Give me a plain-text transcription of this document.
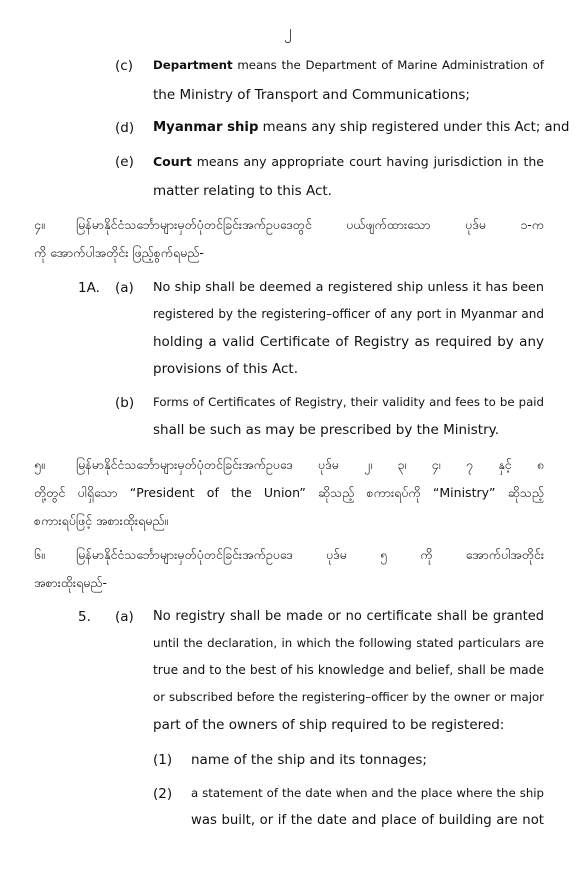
၂
(c) Department means the Department of Marine Administration of
the Ministry of Transport and Communications;
(d) Myanmar ship means any ship registered under this Act; and
(e) Court means any appropriate court having jurisdiction in the
matter relating to this Act.
၄။ မြန်မာနိုင်ငံသင်္ဘောများမှတ်ပုံတင်ခြင်းအက်ဥပဒေတွင် ပယ်ဖျက်ထားသော ပုဒ်မ ၁-က
ကို အောက်ပါအတိုင်း ဖြည့်စွက်ရမည်-
1A. (a) No ship shall be deemed a registered ship unless it has been
registered by the registering–officer of any port in Myanmar and
holding a valid Certificate of Registry as required by any
provisions of this Act.
(b) Forms of Certificates of Registry, their validity and fees to be paid
shall be such as may be prescribed by the Ministry.
၅။ မြန်မာနိုင်ငံသင်္ဘောများမှတ်ပုံတင်ခြင်းအက်ဥပဒေ ပုဒ်မ ၂၊ ၃၊ ၄၊ ၇ နှင့် ၈
တို့တွင် ပါရှိသော “President of the Union” ဆိုသည့် စကားရပ်ကို “Ministry” ဆိုသည့်
စကားရပ်ဖြင့် အစားထိုးရမည်။
၆။ မြန်မာနိုင်ငံသင်္ဘောများမှတ်ပုံတင်ခြင်းအက်ဥပဒေ ပုဒ်မ ၅ ကို အောက်ပါအတိုင်း
အစားထိုးရမည်-
5. (a) No registry shall be made or no certificate shall be granted
until the declaration, in which the following stated particulars are
true and to the best of his knowledge and belief, shall be made
or subscribed before the registering–officer by the owner or major
part of the owners of ship required to be registered:
(1) name of the ship and its tonnages;
(2) a statement of the date when and the place where the ship
was built, or if the date and place of building are not
